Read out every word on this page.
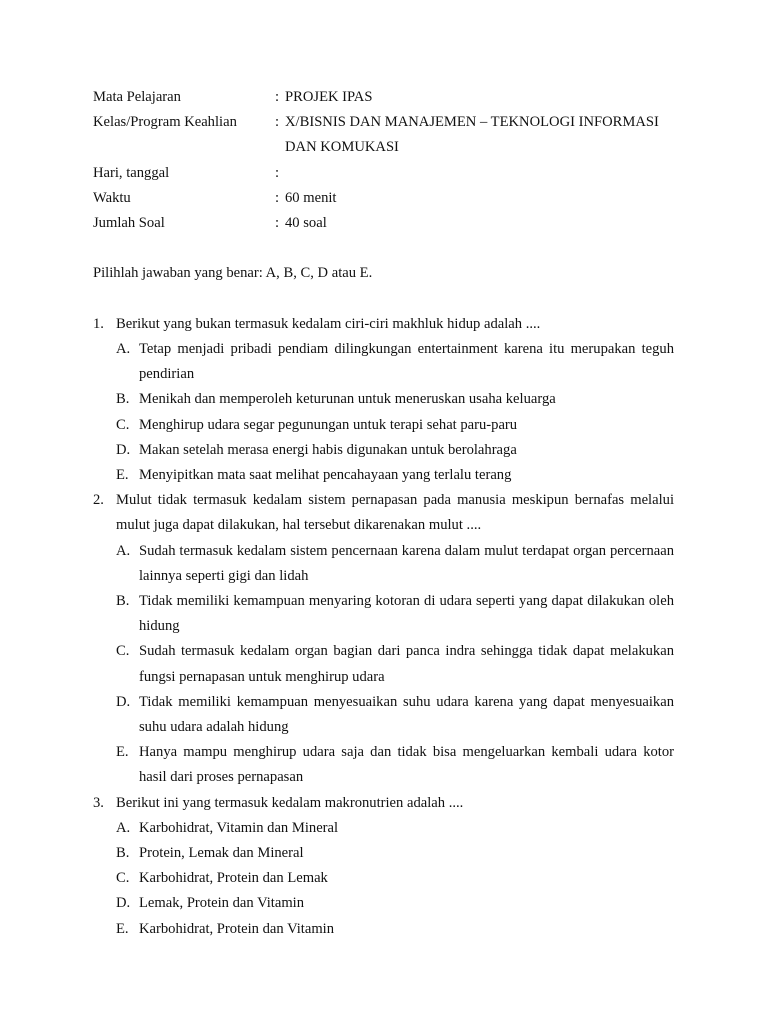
Mata Pelajaran	: PROJEK IPAS
Kelas/Program Keahlian	: X/BISNIS DAN MANAJEMEN – TEKNOLOGI INFORMASI DAN KOMUKASI
Hari, tanggal	:
Waktu	: 60 menit
Jumlah Soal	: 40 soal
Pilihlah jawaban yang benar: A, B, C, D atau E.
1. Berikut yang bukan termasuk kedalam ciri-ciri makhluk hidup adalah ....
A. Tetap menjadi pribadi pendiam dilingkungan entertainment karena itu merupakan teguh pendirian
B. Menikah dan memperoleh keturunan untuk meneruskan usaha keluarga
C. Menghirup udara segar pegunungan untuk terapi sehat paru-paru
D. Makan setelah merasa energi habis digunakan untuk berolahraga
E. Menyipitkan mata saat melihat pencahayaan yang terlalu terang
2. Mulut tidak termasuk kedalam sistem pernapasan pada manusia meskipun bernafas melalui mulut juga dapat dilakukan, hal tersebut dikarenakan mulut ....
A. Sudah termasuk kedalam sistem pencernaan karena dalam mulut terdapat organ percernaan lainnya seperti gigi dan lidah
B. Tidak memiliki kemampuan menyaring kotoran di udara seperti yang dapat dilakukan oleh hidung
C. Sudah termasuk kedalam organ bagian dari panca indra sehingga tidak dapat melakukan fungsi pernapasan untuk menghirup udara
D. Tidak memiliki kemampuan menyesuaikan suhu udara karena yang dapat menyesuaikan suhu udara adalah hidung
E. Hanya mampu menghirup udara saja dan tidak bisa mengeluarkan kembali udara kotor hasil dari proses pernapasan
3. Berikut ini yang termasuk kedalam makronutrien adalah ....
A. Karbohidrat, Vitamin dan Mineral
B. Protein, Lemak dan Mineral
C. Karbohidrat, Protein dan Lemak
D. Lemak, Protein dan Vitamin
E. Karbohidrat, Protein dan Vitamin
